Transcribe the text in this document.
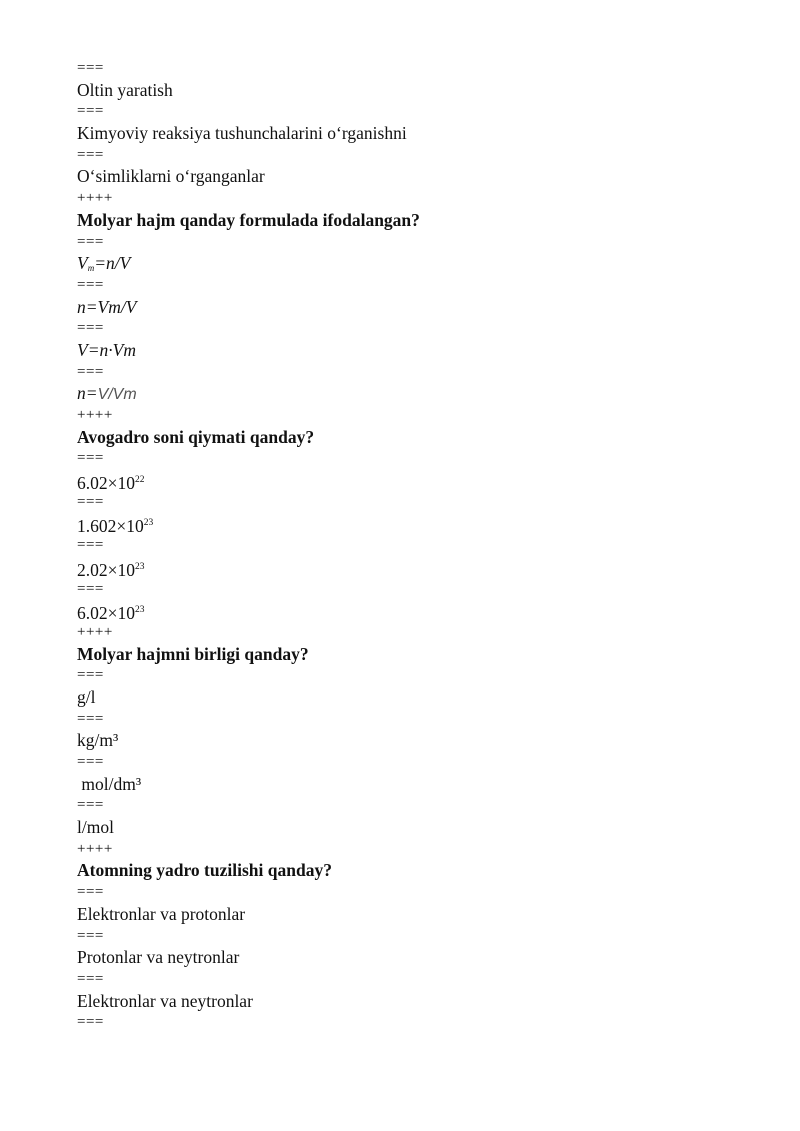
===
Oltin yaratish
===
Kimyoviy reaksiya tushunchalarini o‘rganishni
===
O‘simliklarni o‘rganganlar
++++
Molyar hajm qanday formulada ifodalangan?
===
$V_m=n/V$
===
n=Vm/V
===
V=n·Vm
===
n=V/Vm
++++
Avogadro soni qiymati qanday?
===
$6.02\times 10^{22}$
===
$1.602\times 10^{23}$
===
$2.02\times 10^{23}$
===
$6.02\times 10^{23}$
++++
Molyar hajmni birligi qanday?
===
g/l
===
kg/m³
===
mol/dm³
===
l/mol
++++
Atomning yadro tuzilishi qanday?
===
Elektronlar va protonlar
===
Protonlar va neytronlar
===
Elektronlar va neytronlar
===
